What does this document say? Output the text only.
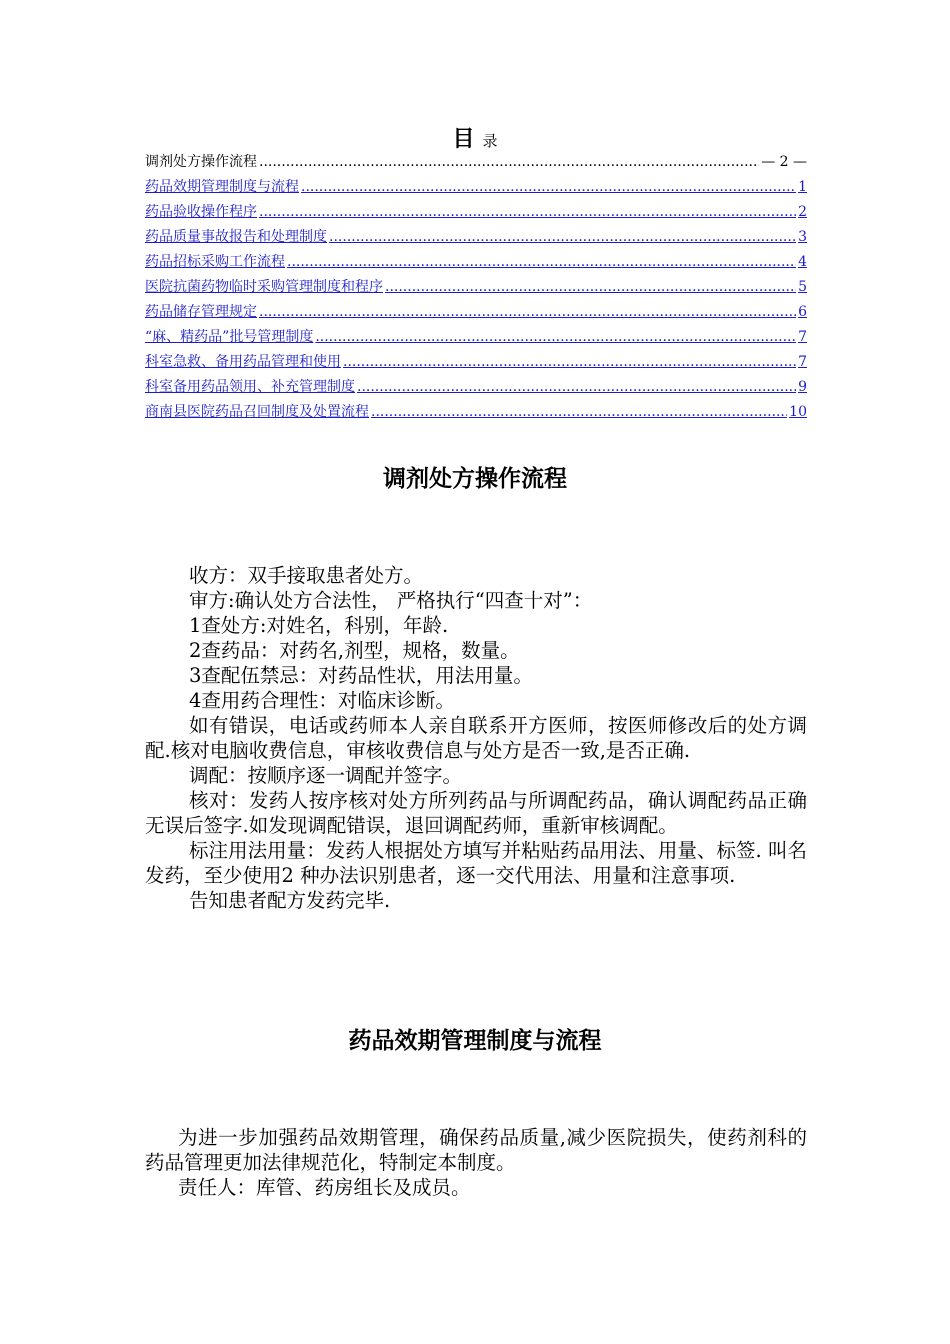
目 录
调剂处方操作流程 .....	— 2 —
药品效期管理制度与流程 .....	1
药品验收操作程序 .....	2
药品质量事故报告和处理制度 .....	3
药品招标采购工作流程 .....	4
医院抗菌药物临时采购管理制度和程序 .....	5
药品储存管理规定 .....	6
“麻、精药品”批号管理制度 .....	7
科室急救、备用药品管理和使用 .....	7
科室备用药品领用、补充管理制度 .....	9
商南县医院药品召回制度及处置流程 .....	10
调剂处方操作流程

收方：双手接取患者处方。

审方:确认处方合法性， 严格执行“四查十对”：

1查处方:对姓名，科别，年龄.

2查药品：对药名,剂型，规格，数量。

3查配伍禁忌：对药品性状，用法用量。

4查用药合理性：对临床诊断。

如有错误，电话或药师本人亲自联系开方医师，按医师修改后的处方调配.核对电脑收费信息，审核收费信息与处方是否一致,是否正确.

调配：按顺序逐一调配并签字。

核对：发药人按序核对处方所列药品与所调配药品，确认调配药品正确无误后签字.如发现调配错误，退回调配药师，重新审核调配。

标注用法用量：发药人根据处方填写并粘贴药品用法、用量、标签. 叫名发药，至少使用2 种办法识别患者，逐一交代用法、用量和注意事项.

告知患者配方发药完毕.

药品效期管理制度与流程

为进一步加强药品效期管理，确保药品质量,减少医院损失，使药剂科的药品管理更加法律规范化，特制定本制度。

责任人：库管、药房组长及成员。
